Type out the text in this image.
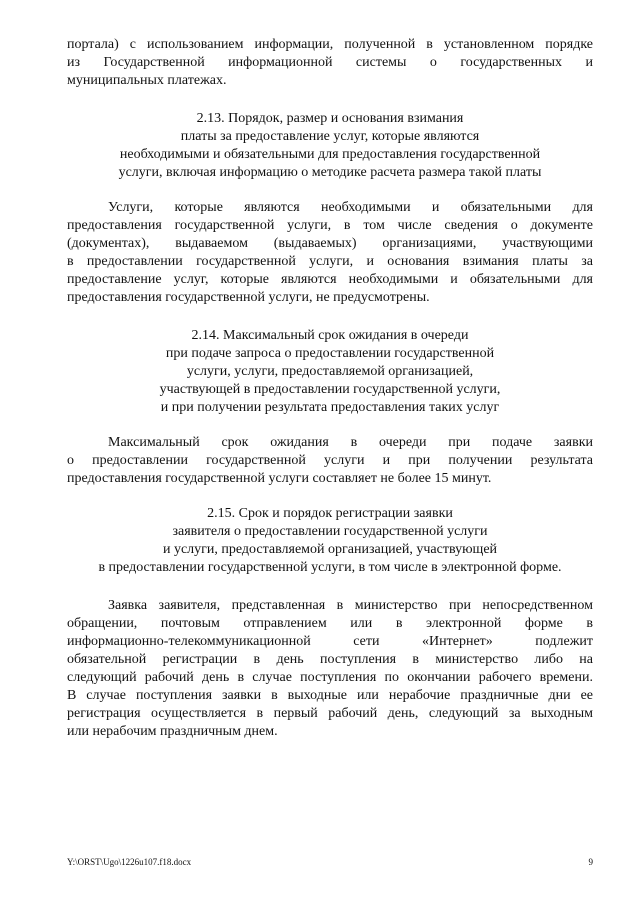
портала) с использованием информации, полученной в установленном порядке
из Государственной информационной системы о государственных и
муниципальных платежах.
2.13. Порядок, размер и основания взимания
платы за предоставление услуг, которые являются
необходимыми и обязательными для предоставления государственной
услуги, включая информацию о методике расчета размера такой платы
Услуги, которые являются необходимыми и обязательными для
предоставления государственной услуги, в том числе сведения о документе
(документах), выдаваемом (выдаваемых) организациями, участвующими
в предоставлении государственной услуги, и основания взимания платы за
предоставление услуг, которые являются необходимыми и обязательными для
предоставления государственной услуги, не предусмотрены.
2.14. Максимальный срок ожидания в очереди
при подаче запроса о предоставлении государственной
услуги, услуги, предоставляемой организацией,
участвующей в предоставлении государственной услуги,
и при получении результата предоставления таких услуг
Максимальный срок ожидания в очереди при подаче заявки
о предоставлении государственной услуги и при получении результата
предоставления государственной услуги составляет не более 15 минут.
2.15. Срок и порядок регистрации заявки
заявителя о предоставлении государственной услуги
и услуги, предоставляемой организацией, участвующей
в предоставлении государственной услуги, в том числе в электронной форме.
Заявка заявителя, представленная в министерство при непосредственном
обращении, почтовым отправлением или в электронной форме в
информационно-телекоммуникационной сети «Интернет» подлежит
обязательной регистрации в день поступления в министерство либо на
следующий рабочий день в случае поступления по окончании рабочего времени.
В случае поступления заявки в выходные или нерабочие праздничные дни ее
регистрация осуществляется в первый рабочий день, следующий за выходным
или нерабочим праздничным днем.
Y:\ORST\Ugo\1226u107.f18.docx	9
